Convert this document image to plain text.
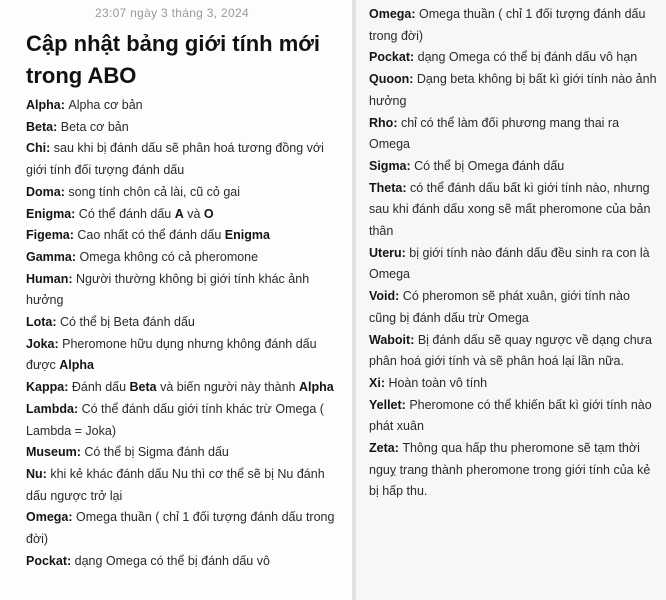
23:07 ngày 3 tháng 3, 2024
Cập nhật bảng giới tính mới trong ABO
Alpha: Alpha cơ bản
Beta: Beta cơ bản
Chi: sau khi bị đánh dấu sẽ phân hoá tương đồng với giới tính đối tượng đánh dấu
Doma: song tính chôn cả lài, cũ cỏ gai
Enigma: Có thể đánh dấu A và O
Figema: Cao nhất có thể đánh dấu Enigma
Gamma: Omega không có cả pheromone
Human: Người thường không bị giới tính khác ảnh hưởng
Lota: Có thể bị Beta đánh dấu
Joka: Pheromone hữu dụng nhưng không đánh dấu được Alpha
Kappa: Đánh dấu Beta và biến người này thành Alpha
Lambda: Có thể đánh dấu giới tính khác trừ Omega ( Lambda = Joka)
Museum: Có thể bị Sigma đánh dấu
Nu: khi kẻ khác đánh dấu Nu thì cơ thể sẽ bị Nu đánh dấu ngược trở lại
Omega: Omega thuần ( chỉ 1 đối tượng đánh dấu trong đời)
Pockat: dạng Omega có thể bị đánh dấu vô
Omega: Omega thuần ( chỉ 1 đối tượng đánh dấu trong đời)
Pockat: dạng Omega có thể bị đánh dấu vô hạn
Quoon: Dạng beta không bị bất kì giới tính nào ảnh hưởng
Rho: chỉ có thể làm đối phương mang thai ra Omega
Sigma: Có thể bị Omega đánh dấu
Theta: có thể đánh dấu bất kì giới tính nào, nhưng sau khi đánh dấu xong sẽ mất pheromone của bản thân
Uteru: bị giới tính nào đánh dấu đều sinh ra con là Omega
Void: Có pheromon sẽ phát xuân, giới tính nào cũng bị đánh dấu trừ Omega
Waboit: Bị đánh dấu sẽ quay ngược về dạng chưa phân hoá giới tính và sẽ phân hoá lại lần nữa.
Xi: Hoàn toàn vô tính
Yellet: Pheromone có thể khiến bất kì giới tính nào phát xuân
Zeta: Thông qua hấp thu pheromone sẽ tạm thời nguỵ trang thành pheromone trong giới tính của kẻ bị hấp thu.
